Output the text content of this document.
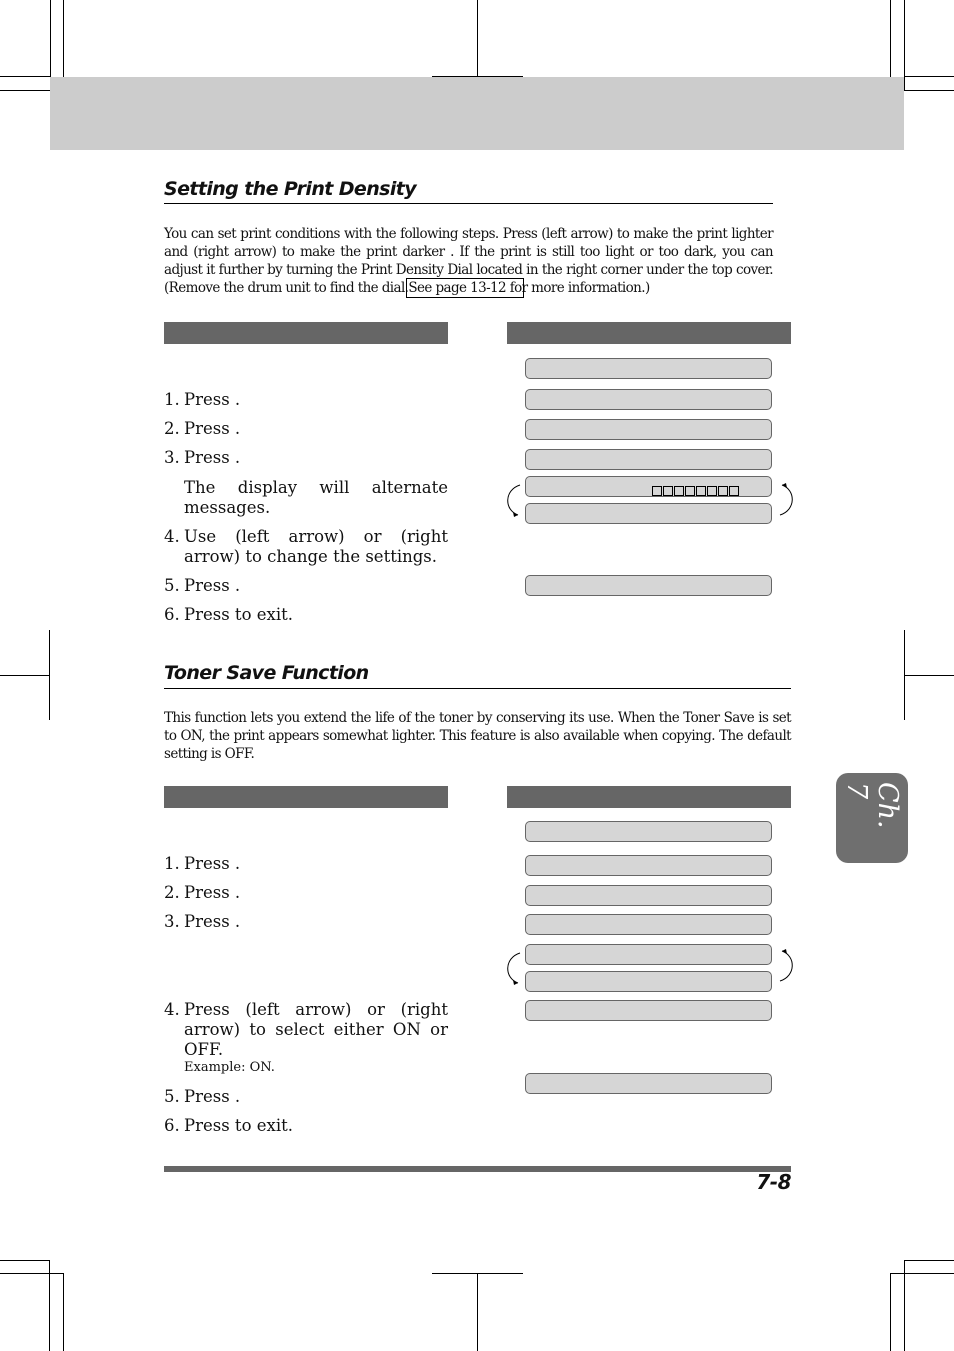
Setting the Print Density
You can set print conditions with the following steps. Press (left arrow) to make the print lighter and (right arrow) to make the print darker . If the print is still too light or too dark, you can adjust it further by turning the Print Density Dial located in the right corner under the top cover. (Remove the drum unit to find the dial.See page 13-12 for more information.)
1. Press .
2. Press .
3. Press .
The display will alternate messages.
4. Use (left arrow) or (right arrow) to change the settings.
5. Press .
6. Press to exit.
Toner Save Function
This function lets you extend the life of the toner by conserving its use. When the Toner Save is set to ON, the print appears somewhat lighter. This feature is also available when copying. The default setting is OFF.
1. Press .
2. Press .
3. Press .
4. Press (left arrow) or (right arrow) to select either ON or OFF.
Example: ON.
5. Press .
6. Press to exit.
Ch. 7
7-8
